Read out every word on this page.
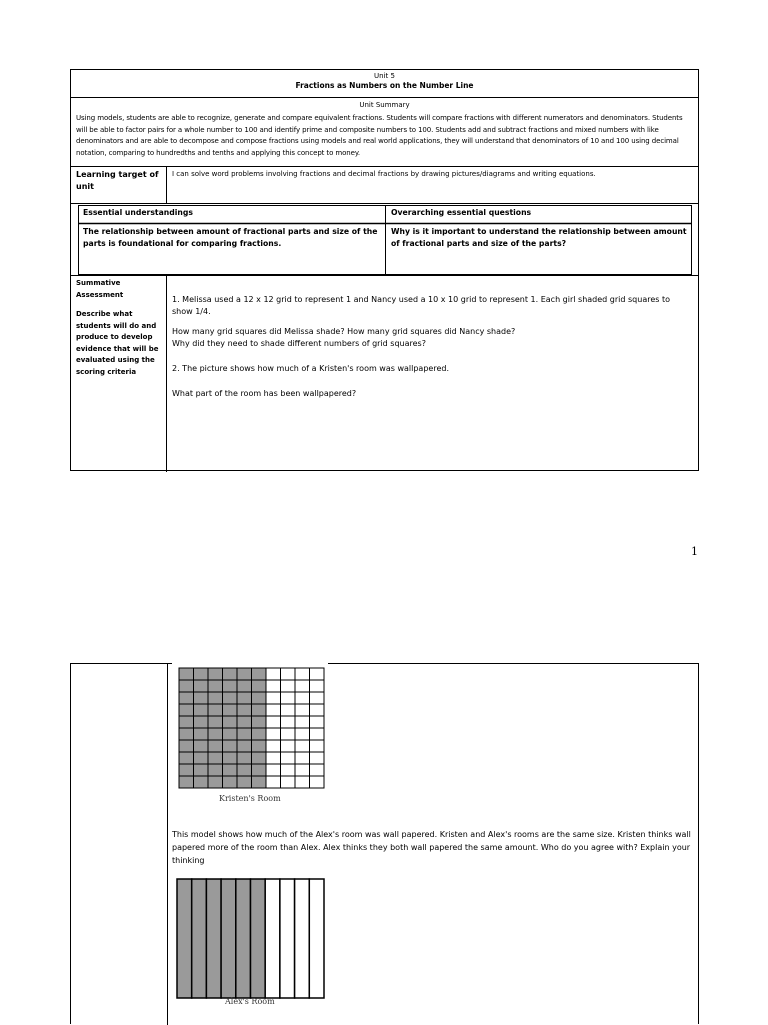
Unit 5
Fractions as Numbers on the Number Line
Unit Summary
Using models, students are able to recognize, generate and compare equivalent fractions. Students will compare fractions with different numerators and denominators. Students will be able to factor pairs for a whole number to 100 and identify prime and composite numbers to 100. Students add and subtract fractions and mixed numbers with like denominators and are able to decompose and compose fractions using models and real world applications, they will understand that denominators of 10 and 100 using decimal notation, comparing to hundredths and tenths and applying this concept to money.
Learning target of unit
I can solve word problems involving fractions and decimal fractions by drawing pictures/diagrams and writing equations.
Essential understandings	Overarching essential questions
The relationship between amount of fractional parts and size of the parts is foundational for comparing fractions.
Why is it important to understand the relationship between amount of fractional parts and size of the parts?
Summative Assessment
Describe what students will do and produce to develop evidence that will be evaluated using the scoring criteria

1. Melissa used a 12 x 12 grid to represent 1 and Nancy used a 10 x 10 grid to represent 1. Each girl shaded grid squares to show 1/4.

How many grid squares did Melissa shade? How many grid squares did Nancy shade?
Why did they need to shade different numbers of grid squares?

2. The picture shows how much of a Kristen's room was wallpapered.

What part of the room has been wallpapered?

1
Kristen's Room
This model shows how much of the Alex's room was wall papered. Kristen and Alex's rooms are the same size. Kristen thinks wall papered more of the room than Alex. Alex thinks they both wall papered the same amount. Who do you agree with? Explain your thinking
Alex's Room
